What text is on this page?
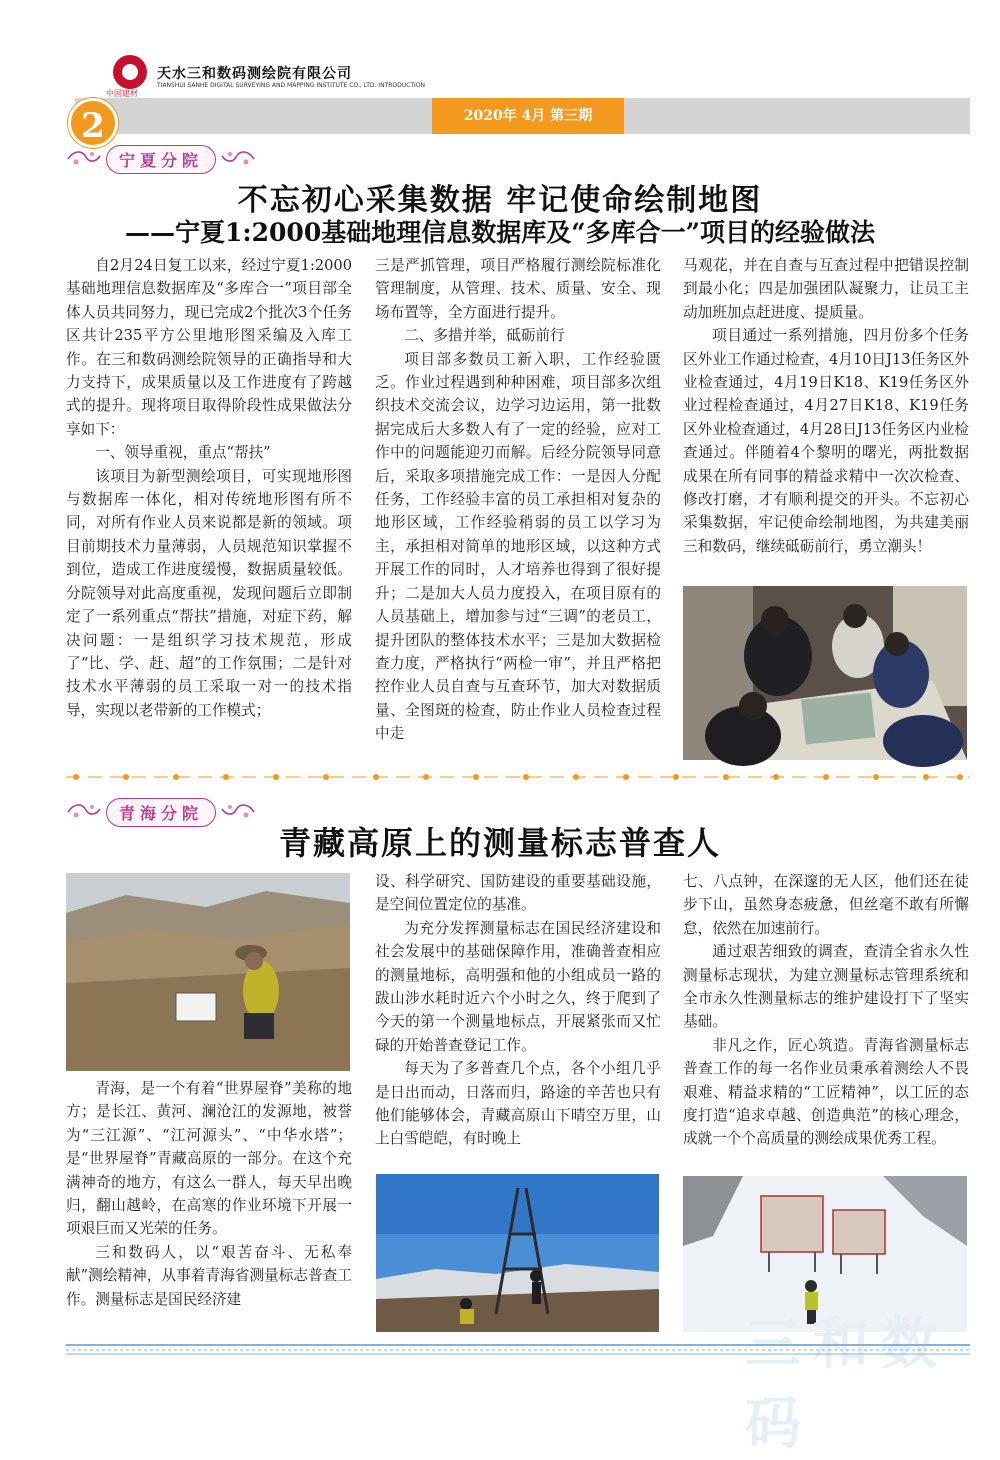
中国建材
天水三和数码测绘院有限公司
TIANSHUI SANHE DIGITAL SURVEYING AND MAPPING INSTITUTE CO., LTD. INTRODUCTION
2020年 4月 第三期
2
宁夏分院
不忘初心采集数据 牢记使命绘制地图
——宁夏1:2000基础地理信息数据库及“多库合一”项目的经验做法

自2月24日复工以来，经过宁夏1:2000基础地理信息数据库及“多库合一”项目部全体人员共同努力，现已完成2个批次3个任务区共计235平方公里地形图采编及入库工作。在三和数码测绘院领导的正确指导和大力支持下，成果质量以及工作进度有了跨越式的提升。现将项目取得阶段性成果做法分享如下：

一、领导重视，重点“帮扶”

该项目为新型测绘项目，可实现地形图与数据库一体化，相对传统地形图有所不同，对所有作业人员来说都是新的领域。项目前期技术力量薄弱，人员规范知识掌握不到位，造成工作进度缓慢，数据质量较低。分院领导对此高度重视，发现问题后立即制定了一系列重点“帮扶”措施，对症下药，解决问题：一是组织学习技术规范，形成了“比、学、赶、超”的工作氛围；二是针对技术水平薄弱的员工采取一对一的技术指导，实现以老带新的工作模式；

三是严抓管理，项目严格履行测绘院标准化管理制度，从管理、技术、质量、安全、现场布置等，全方面进行提升。

二、多措并举，砥砺前行

项目部多数员工新入职，工作经验匮乏。作业过程遇到种种困难，项目部多次组织技术交流会议，边学习边运用，第一批数据完成后大多数人有了一定的经验，应对工作中的问题能迎刃而解。后经分院领导同意后，采取多项措施完成工作：一是因人分配任务，工作经验丰富的员工承担相对复杂的地形区域，工作经验稍弱的员工以学习为主，承担相对简单的地形区域，以这种方式开展工作的同时，人才培养也得到了很好提升；二是加大人员力度投入，在项目原有的人员基础上，增加参与过“三调”的老员工，提升团队的整体技术水平；三是加大数据检查力度，严格执行“两检一审”，并且严格把控作业人员自查与互查环节，加大对数据质量、全图斑的检查，防止作业人员检查过程中走

马观花，并在自查与互查过程中把错误控制到最小化；四是加强团队凝聚力，让员工主动加班加点赶进度、提质量。

项目通过一系列措施，四月份多个任务区外业工作通过检查，4月10日J13任务区外业检查通过，4月19日K18、K19任务区外业过程检查通过，4月27日K18、K19任务区外业检查通过，4月28日J13任务区内业检查通过。伴随着4个黎明的曙光，两批数据成果在所有同事的精益求精中一次次检查、修改打磨，才有顺利提交的开头。不忘初心采集数据，牢记使命绘制地图，为共建美丽三和数码，继续砥砺前行，勇立潮头！

青海分院
青藏高原上的测量标志普查人

青海，是一个有着“世界屋脊”美称的地方；是长江、黄河、澜沧江的发源地，被誉为“三江源”、“江河源头”、“中华水塔”；是“世界屋脊”青藏高原的一部分。在这个充满神奇的地方，有这么一群人，每天早出晚归，翻山越岭，在高寒的作业环境下开展一项艰巨而又光荣的任务。

三和数码人，以“艰苦奋斗、无私奉献”测绘精神，从事着青海省测量标志普查工作。测量标志是国民经济建

设、科学研究、国防建设的重要基础设施，是空间位置定位的基准。

为充分发挥测量标志在国民经济建设和社会发展中的基础保障作用，准确普查相应的测量地标，高明强和他的小组成员一路的跋山涉水耗时近六个小时之久，终于爬到了今天的第一个测量地标点，开展紧张而又忙碌的开始普查登记工作。

每天为了多普查几个点，各个小组几乎是日出而动，日落而归，路途的辛苦也只有他们能够体会，青藏高原山下晴空万里，山上白雪皑皑，有时晚上

七、八点钟，在深邃的无人区，他们还在徒步下山，虽然身态疲惫，但丝毫不敢有所懈怠，依然在加速前行。

通过艰苦细致的调查，查清全省永久性测量标志现状，为建立测量标志管理系统和全市永久性测量标志的维护建设打下了坚实基础。

非凡之作，匠心筑造。青海省测量标志普查工作的每一名作业员秉承着测绘人不畏艰难、精益求精的“工匠精神”，以工匠的态度打造“追求卓越、创造典范”的核心理念，成就一个个高质量的测绘成果优秀工程。

三和数码
